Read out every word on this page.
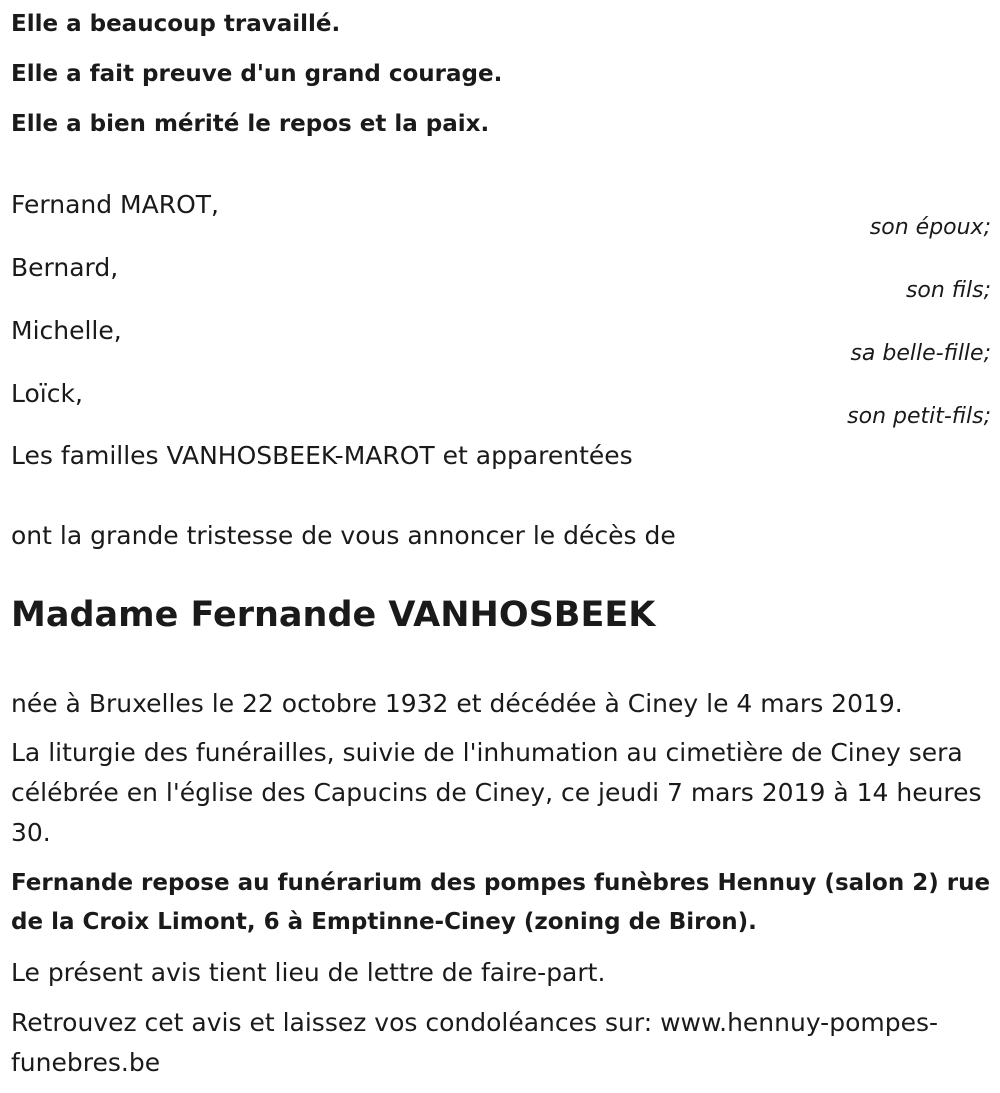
Elle a beaucoup travaillé.
Elle a fait preuve d'un grand courage.
Elle a bien mérité le repos et la paix.
Fernand MAROT,
son époux;
Bernard,
son fils;
Michelle,
sa belle-fille;
Loïck,
son petit-fils;
Les familles VANHOSBEEK-MAROT et apparentées
ont la grande tristesse de vous annoncer le décès de
Madame Fernande VANHOSBEEK
née à Bruxelles le 22 octobre 1932 et décédée à Ciney le 4 mars 2019.
La liturgie des funérailles, suivie de l'inhumation au cimetière de Ciney sera célébrée en l'église des Capucins de Ciney, ce jeudi 7 mars 2019 à 14 heures 30.
Fernande repose au funérarium des pompes funèbres Hennuy (salon 2) rue de la Croix Limont, 6 à Emptinne-Ciney (zoning de Biron).
Le présent avis tient lieu de lettre de faire-part.
Retrouvez cet avis et laissez vos condoléances sur: www.hennuy-pompes-funebres.be
